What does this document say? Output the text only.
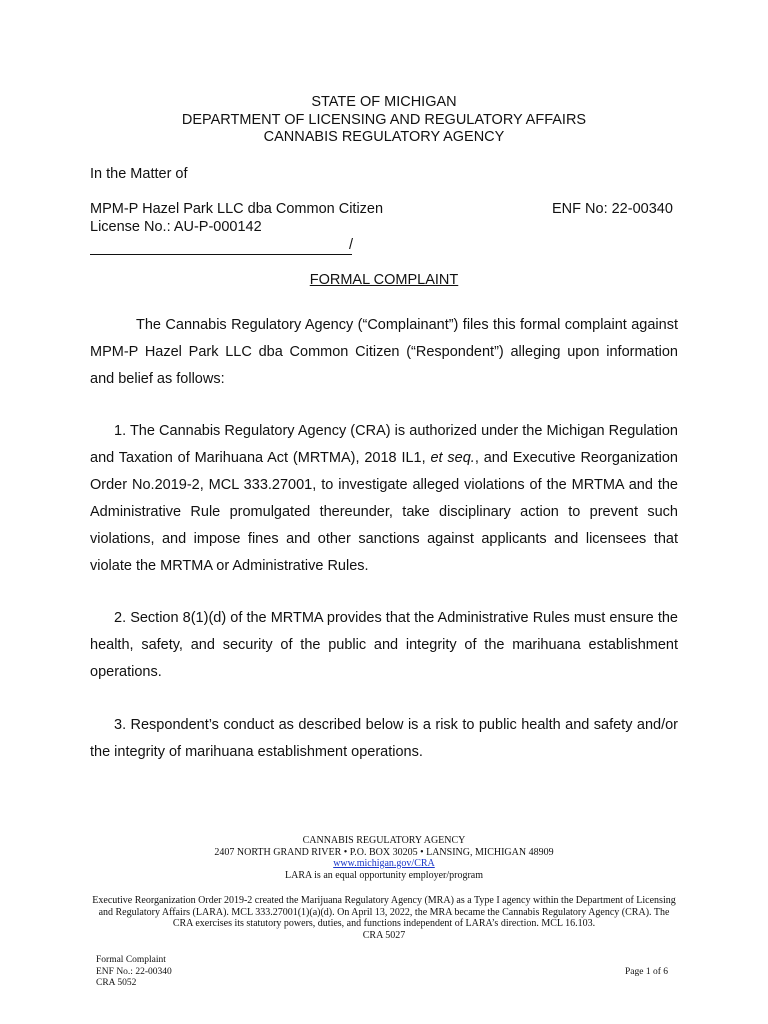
STATE OF MICHIGAN
DEPARTMENT OF LICENSING AND REGULATORY AFFAIRS
CANNABIS REGULATORY AGENCY
In the Matter of
MPM-P Hazel Park LLC dba Common Citizen
License No.: AU-P-000142
ENF No: 22-00340
/
FORMAL COMPLAINT
The Cannabis Regulatory Agency (“Complainant”) files this formal complaint against MPM-P Hazel Park LLC dba Common Citizen (“Respondent”) alleging upon information and belief as follows:
1. The Cannabis Regulatory Agency (CRA) is authorized under the Michigan Regulation and Taxation of Marihuana Act (MRTMA), 2018 IL1, et seq., and Executive Reorganization Order No.2019-2, MCL 333.27001, to investigate alleged violations of the MRTMA and the Administrative Rule promulgated thereunder, take disciplinary action to prevent such violations, and impose fines and other sanctions against applicants and licensees that violate the MRTMA or Administrative Rules.
2. Section 8(1)(d) of the MRTMA provides that the Administrative Rules must ensure the health, safety, and security of the public and integrity of the marihuana establishment operations.
3. Respondent’s conduct as described below is a risk to public health and safety and/or the integrity of marihuana establishment operations.
CANNABIS REGULATORY AGENCY
2407 NORTH GRAND RIVER • P.O. BOX 30205 • LANSING, MICHIGAN 48909
www.michigan.gov/CRA
LARA is an equal opportunity employer/program
Executive Reorganization Order 2019-2 created the Marijuana Regulatory Agency (MRA) as a Type I agency within the Department of Licensing and Regulatory Affairs (LARA). MCL 333.27001(1)(a)(d). On April 13, 2022, the MRA became the Cannabis Regulatory Agency (CRA). The CRA exercises its statutory powers, duties, and functions independent of LARA’s direction. MCL 16.103.
CRA 5027
Formal Complaint
ENF No.: 22-00340
CRA 5052
Page 1 of 6
